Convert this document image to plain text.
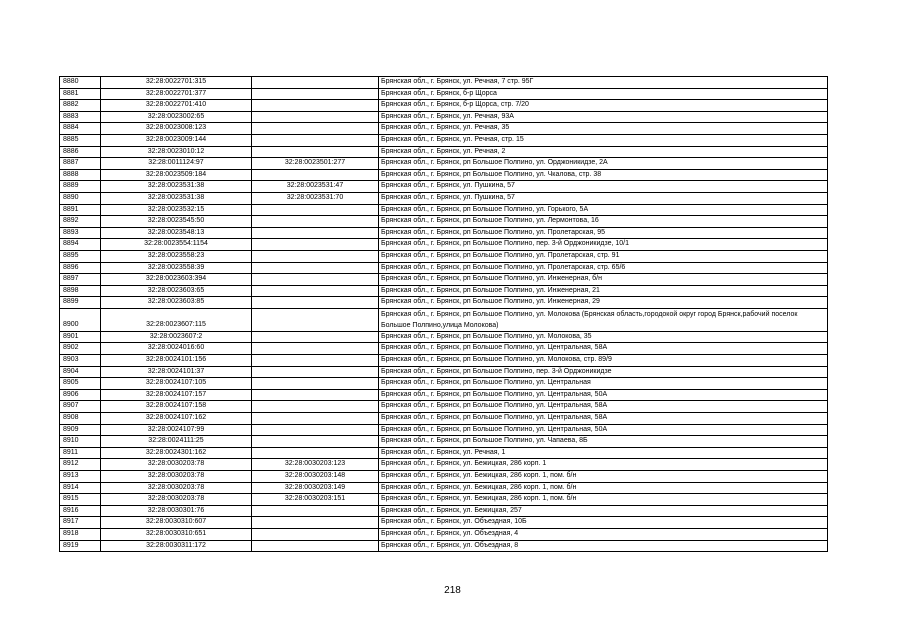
8880	32:28:0022701:315		Брянская обл., г. Брянск, ул. Речная, 7 стр. 95Г
8881	32:28:0022701:377		Брянская обл., г. Брянск, б-р Щорса
8882	32:28:0022701:410		Брянская обл., г. Брянск, б-р Щорса, стр. 7/20
8883	32:28:0023002:65		Брянская обл., г. Брянск, ул. Речная, 93А
8884	32:28:0023008:123		Брянская обл., г. Брянск, ул. Речная, 35
8885	32:28:0023009:144		Брянская обл., г. Брянск, ул. Речная, стр. 15
8886	32:28:0023010:12		Брянская обл., г. Брянск, ул. Речная, 2
8887	32:28:0011124:97	32:28:0023501:277	Брянская обл., г. Брянск, рп Большое Полпино, ул. Орджоникидзе, 2А
8888	32:28:0023509:184		Брянская обл., г. Брянск, рп Большое Полпино, ул. Чкалова, стр. 38
8889	32:28:0023531:38	32:28:0023531:47	Брянская обл., г. Брянск, ул. Пушкина, 57
8890	32:28:0023531:38	32:28:0023531:70	Брянская обл., г. Брянск, ул. Пушкина, 57
8891	32:28:0023532:15		Брянская обл., г. Брянск, рп Большое Полпино, ул. Горького, 5А
8892	32:28:0023545:50		Брянская обл., г. Брянск, рп Большое Полпино, ул. Лермонтова, 16
8893	32:28:0023548:13		Брянская обл., г. Брянск, рп Большое Полпино, ул. Пролетарская, 95
8894	32:28:0023554:1154		Брянская обл., г. Брянск, рп Большое Полпино, пер. 3-й Орджоникидзе, 10/1
8895	32:28:0023558:23		Брянская обл., г. Брянск, рп Большое Полпино, ул. Пролетарская, стр. 91
8896	32:28:0023558:39		Брянская обл., г. Брянск, рп Большое Полпино, ул. Пролетарская, стр. 65/6
8897	32:28:0023603:394		Брянская обл., г. Брянск, рп Большое Полпино, ул. Инженерная, б/н
8898	32:28:0023603:65		Брянская обл., г. Брянск, рп Большое Полпино, ул. Инженерная, 21
8899	32:28:0023603:85		Брянская обл., г. Брянск, рп Большое Полпино, ул. Инженерная, 29
8900	32:28:0023607:115		Брянская обл., г. Брянск, рп Большое Полпино, ул. Молокова (Брянская область,городокой округ город Брянск,рабочий поселок Большое Полпино,улица Молокова)
8901	32:28:0023607:2		Брянская обл., г. Брянск, рп Большое Полпино, ул. Молокова, 35
8902	32:28:0024016:60		Брянская обл., г. Брянск, рп Большое Полпино, ул. Центральная, 58А
8903	32:28:0024101:156		Брянская обл., г. Брянск, рп Большое Полпино, ул. Молокова, стр. 89/9
8904	32:28:0024101:37		Брянская обл., г. Брянск, рп Большое Полпино, пер. 3-й Орджоникидзе
8905	32:28:0024107:105		Брянская обл., г. Брянск, рп Большое Полпино, ул. Центральная
8906	32:28:0024107:157		Брянская обл., г. Брянск, рп Большое Полпино, ул. Центральная, 50А
8907	32:28:0024107:158		Брянская обл., г. Брянск, рп Большое Полпино, ул. Центральная, 58А
8908	32:28:0024107:162		Брянская обл., г. Брянск, рп Большое Полпино, ул. Центральная, 58А
8909	32:28:0024107:99		Брянская обл., г. Брянск, рп Большое Полпино, ул. Центральная, 50А
8910	32:28:0024111:25		Брянская обл., г. Брянск, рп Большое Полпино, ул. Чапаева, 8Б
8911	32:28:0024301:162		Брянская обл., г. Брянск, ул. Речная, 1
8912	32:28:0030203:78	32:28:0030203:123	Брянская обл., г. Брянск, ул. Бежицкая, 286 корп. 1
8913	32:28:0030203:78	32:28:0030203:148	Брянская обл., г. Брянск, ул. Бежицкая, 286 корп. 1, пом. б/н
8914	32:28:0030203:78	32:28:0030203:149	Брянская обл., г. Брянск, ул. Бежицкая, 286 корп. 1, пом. б/н
8915	32:28:0030203:78	32:28:0030203:151	Брянская обл., г. Брянск, ул. Бежицкая, 286 корп. 1, пом. б/н
8916	32:28:0030301:76		Брянская обл., г. Брянск, ул. Бежицкая, 257
8917	32:28:0030310:607		Брянская обл., г. Брянск, ул. Объездная, 10Б
8918	32:28:0030310:651		Брянская обл., г. Брянск, ул. Объездная, 4
8919	32:28:0030311:172		Брянская обл., г. Брянск, ул. Объездная, 8
218
